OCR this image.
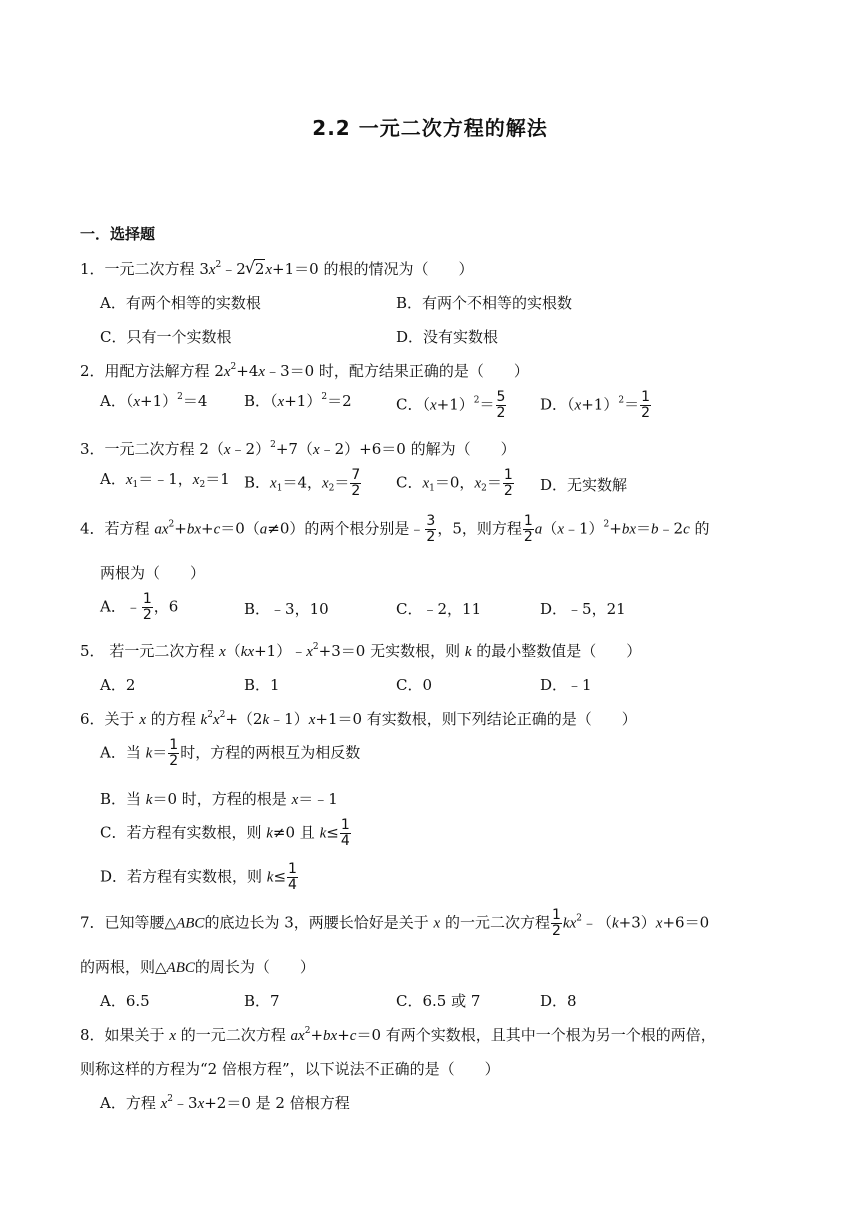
2.2 一元二次方程的解法
一．选择题
1．一元二次方程 $3x^2﹣2√$ 2x+1＝0 的根的情况为（　　）
A．有两个相等的实数根	B．有两个不相等的实根数
C．只有一个实数根	D．没有实数根
2．用配方法解方程 $2x^2+4x﹣3=0$ 时，配方结果正确的是（　　）
A．$(x+1)^2=4$ B．$(x+1)^2=2$	C．$(x+1)^2= \frac{5}{2}$ D．$(x+1)^2= \frac{1}{2}$
3．一元二次方程 2（x﹣2）$^2$+7（x﹣2）+6＝0 的解为（　　）
A．$x_1=﹣1$，$x_2=1$ B．$x_1=4$，$x_2= \frac{7}{2}$ C．$x_1=0$，$x_2= \frac{1}{2}$ D．无实数解
4．若方程 $ax^2+bx+c=0(a\ne 0)$的两个根分别是﹣ $\frac{3}{2}$ ，5，则方程 $\frac{1}{2}$ a（x﹣1）$^2$+bx＝b﹣2c 的
两根为（　　）
A．﹣ $\frac{1}{2}$ ，6	B．﹣3，10	C．﹣2，11	D．﹣5，21
5． 若一元二次方程 $x(kx+1)﹣x^2+3=0$ 无实数根，则 k 的最小整数值是（　　）
A．2	B．1	C．0	D．﹣1
6．关于 x 的方程 $k^2x^2+(2k﹣1)x+1=0$ 有实数根，则下列结论正确的是（　　）
A．当 $k= \frac{1}{2}$ 时，方程的两根互为相反数
B．当 k＝0 时，方程的根是 x＝﹣1
C．若方程有实数根，则 k≠0 且 $k\le \frac{1}{4}$
D．若方程有实数根，则 $k\le \frac{1}{4}$
7．已知等腰△ABC的底边长为 3，两腰长恰好是关于 x 的一元二次方程 $\frac{1}{2}$ $kx^2﹣(k+3)x+6=0$
的两根，则△ABC的周长为（　　）
A．6.5	B．7	C．6.5 或 7	D．8
8．如果关于 x 的一元二次方程 $ax^2+bx+c=0$ 有两个实数根，且其中一个根为另一个根的两倍，
则称这样的方程为“2 倍根方程”，以下说法不正确的是（　　）
A．方程 $x^2﹣3x+2=0$ 是 2 倍根方程
